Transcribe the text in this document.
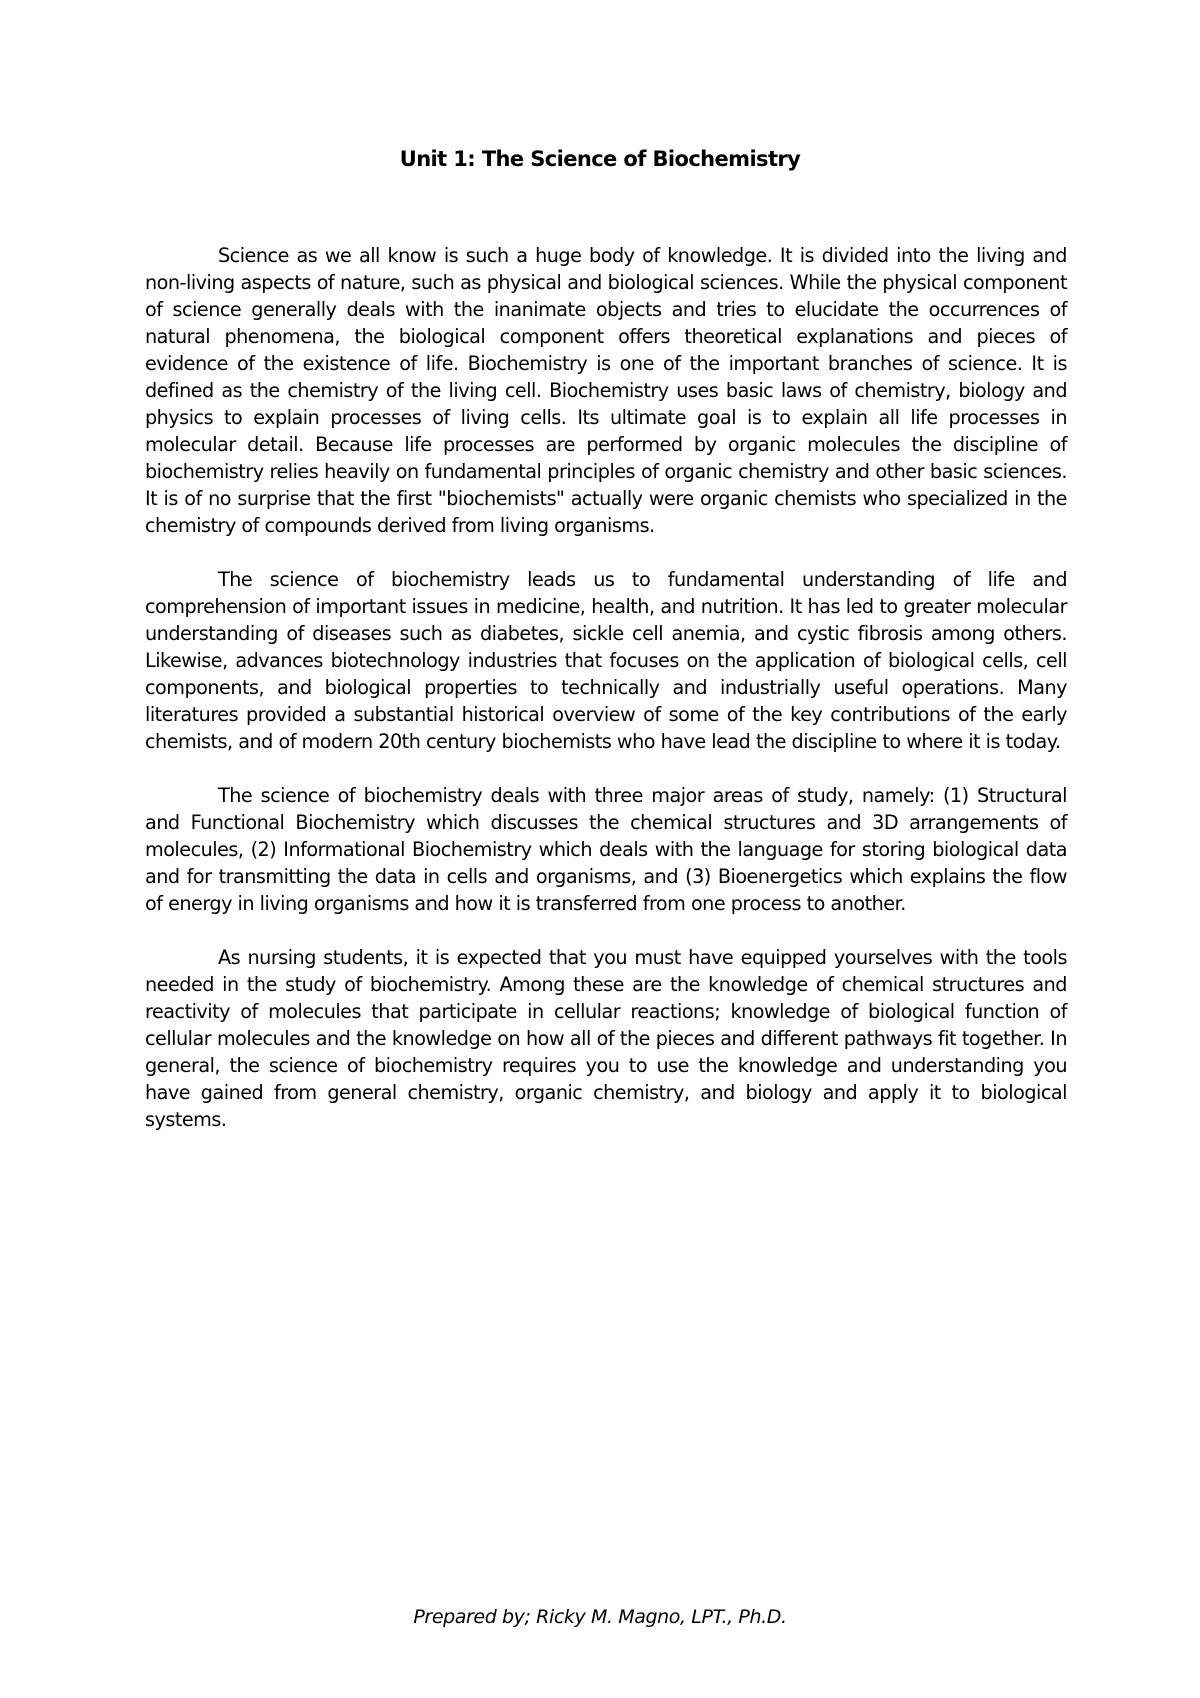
Unit 1: The Science of Biochemistry

Science as we all know is such a huge body of knowledge. It is divided into the living and non-living aspects of nature, such as physical and biological sciences. While the physical component of science generally deals with the inanimate objects and tries to elucidate the occurrences of natural phenomena, the biological component offers theoretical explanations and pieces of evidence of the existence of life. Biochemistry is one of the important branches of science. It is defined as the chemistry of the living cell. Biochemistry uses basic laws of chemistry, biology and physics to explain processes of living cells. Its ultimate goal is to explain all life processes in molecular detail. Because life processes are performed by organic molecules the discipline of biochemistry relies heavily on fundamental principles of organic chemistry and other basic sciences. It is of no surprise that the first "biochemists" actually were organic chemists who specialized in the chemistry of compounds derived from living organisms.

The science of biochemistry leads us to fundamental understanding of life and comprehension of important issues in medicine, health, and nutrition. It has led to greater molecular understanding of diseases such as diabetes, sickle cell anemia, and cystic fibrosis among others. Likewise, advances biotechnology industries that focuses on the application of biological cells, cell components, and biological properties to technically and industrially useful operations. Many literatures provided a substantial historical overview of some of the key contributions of the early chemists, and of modern 20th century biochemists who have lead the discipline to where it is today.

The science of biochemistry deals with three major areas of study, namely: (1) Structural and Functional Biochemistry which discusses the chemical structures and 3D arrangements of molecules, (2) Informational Biochemistry which deals with the language for storing biological data and for transmitting the data in cells and organisms, and (3) Bioenergetics which explains the flow of energy in living organisms and how it is transferred from one process to another.

As nursing students, it is expected that you must have equipped yourselves with the tools needed in the study of biochemistry. Among these are the knowledge of chemical structures and reactivity of molecules that participate in cellular reactions; knowledge of biological function of cellular molecules and the knowledge on how all of the pieces and different pathways fit together. In general, the science of biochemistry requires you to use the knowledge and understanding you have gained from general chemistry, organic chemistry, and biology and apply it to biological systems.

Prepared by; Ricky M. Magno, LPT., Ph.D.
